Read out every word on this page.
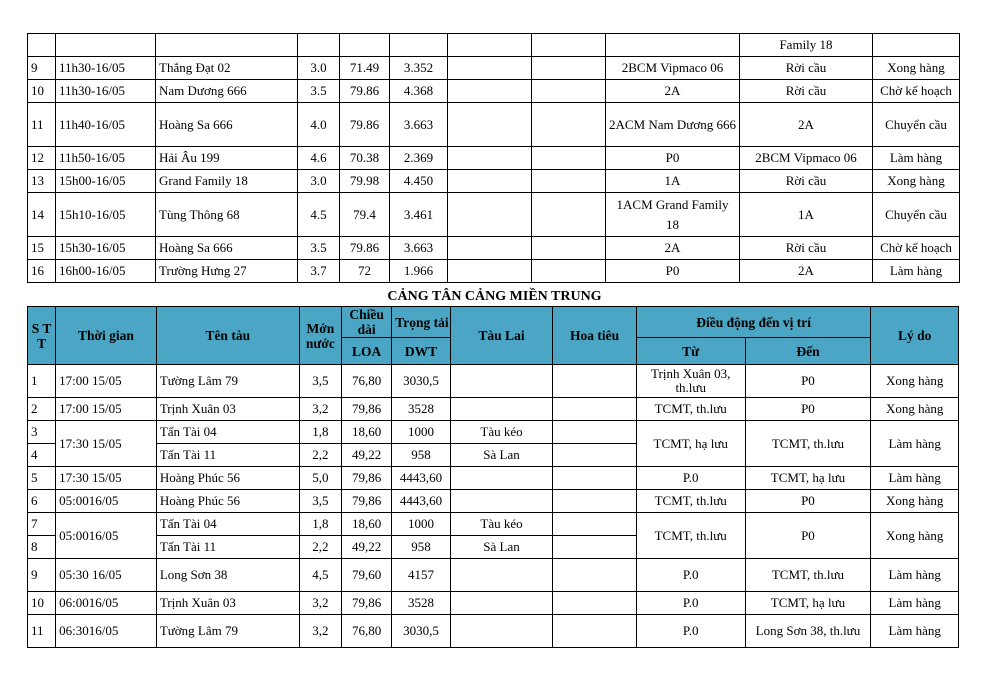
									Family 18	
9	11h30-16/05	Thắng Đạt 02	3.0	71.49	3.352			2BCM Vipmaco 06	Rời cầu	Xong hàng
10	11h30-16/05	Nam Dương 666	3.5	79.86	4.368			2A	Rời cầu	Chờ kế hoạch
11	11h40-16/05	Hoàng Sa 666	4.0	79.86	3.663			2ACM Nam Dương 666	2A	Chuyển cầu
12	11h50-16/05	Hải Âu 199	4.6	70.38	2.369			P0	2BCM Vipmaco 06	Làm hàng
13	15h00-16/05	Grand Family 18	3.0	79.98	4.450			1A	Rời cầu	Xong hàng
14	15h10-16/05	Tùng Thông 68	4.5	79.4	3.461			1ACM Grand Family 18	1A	Chuyển cầu
15	15h30-16/05	Hoàng Sa 666	3.5	79.86	3.663			2A	Rời cầu	Chờ kế hoạch
16	16h00-16/05	Trường Hưng 27	3.7	72	1.966			P0	2A	Làm hàng
CẢNG TÂN CẢNG MIỀN TRUNG
S T T	Thời gian	Tên tàu	Mớn nước	Chiều dài	Trọng tải	Tàu Lai	Hoa tiêu	Điều động đến vị trí		Lý do
				LOA	DWT			Từ	Đến	
1	17:00 15/05	Tường Lâm 79	3,5	76,80	3030,5			Trịnh Xuân 03, th.lưu	P0	Xong hàng
2	17:00 15/05	Trịnh Xuân 03	3,2	79,86	3528			TCMT, th.lưu	P0	Xong hàng
3	17:30 15/05	Tấn Tài 04	1,8	18,60	1000	Tàu kéo		TCMT, hạ lưu	TCMT, th.lưu	Làm hàng
4		Tấn Tài 11	2,2	49,22	958	Sà Lan				
5	17:30 15/05	Hoàng Phúc 56	5,0	79,86	4443,60			P.0	TCMT, hạ lưu	Làm hàng
6	05:0016/05	Hoàng Phúc 56	3,5	79,86	4443,60			TCMT, th.lưu	P0	Xong hàng
7	05:0016/05	Tấn Tài 04	1,8	18,60	1000	Tàu kéo		TCMT, th.lưu	P0	Xong hàng
8		Tấn Tài 11	2,2	49,22	958	Sà Lan				
9	05:30 16/05	Long Sơn 38	4,5	79,60	4157			P.0	TCMT, th.lưu	Làm hàng
10	06:0016/05	Trịnh Xuân 03	3,2	79,86	3528			P.0	TCMT, hạ lưu	Làm hàng
11	06:3016/05	Tường Lâm 79	3,2	76,80	3030,5			P.0	Long Sơn 38, th.lưu	Làm hàng
